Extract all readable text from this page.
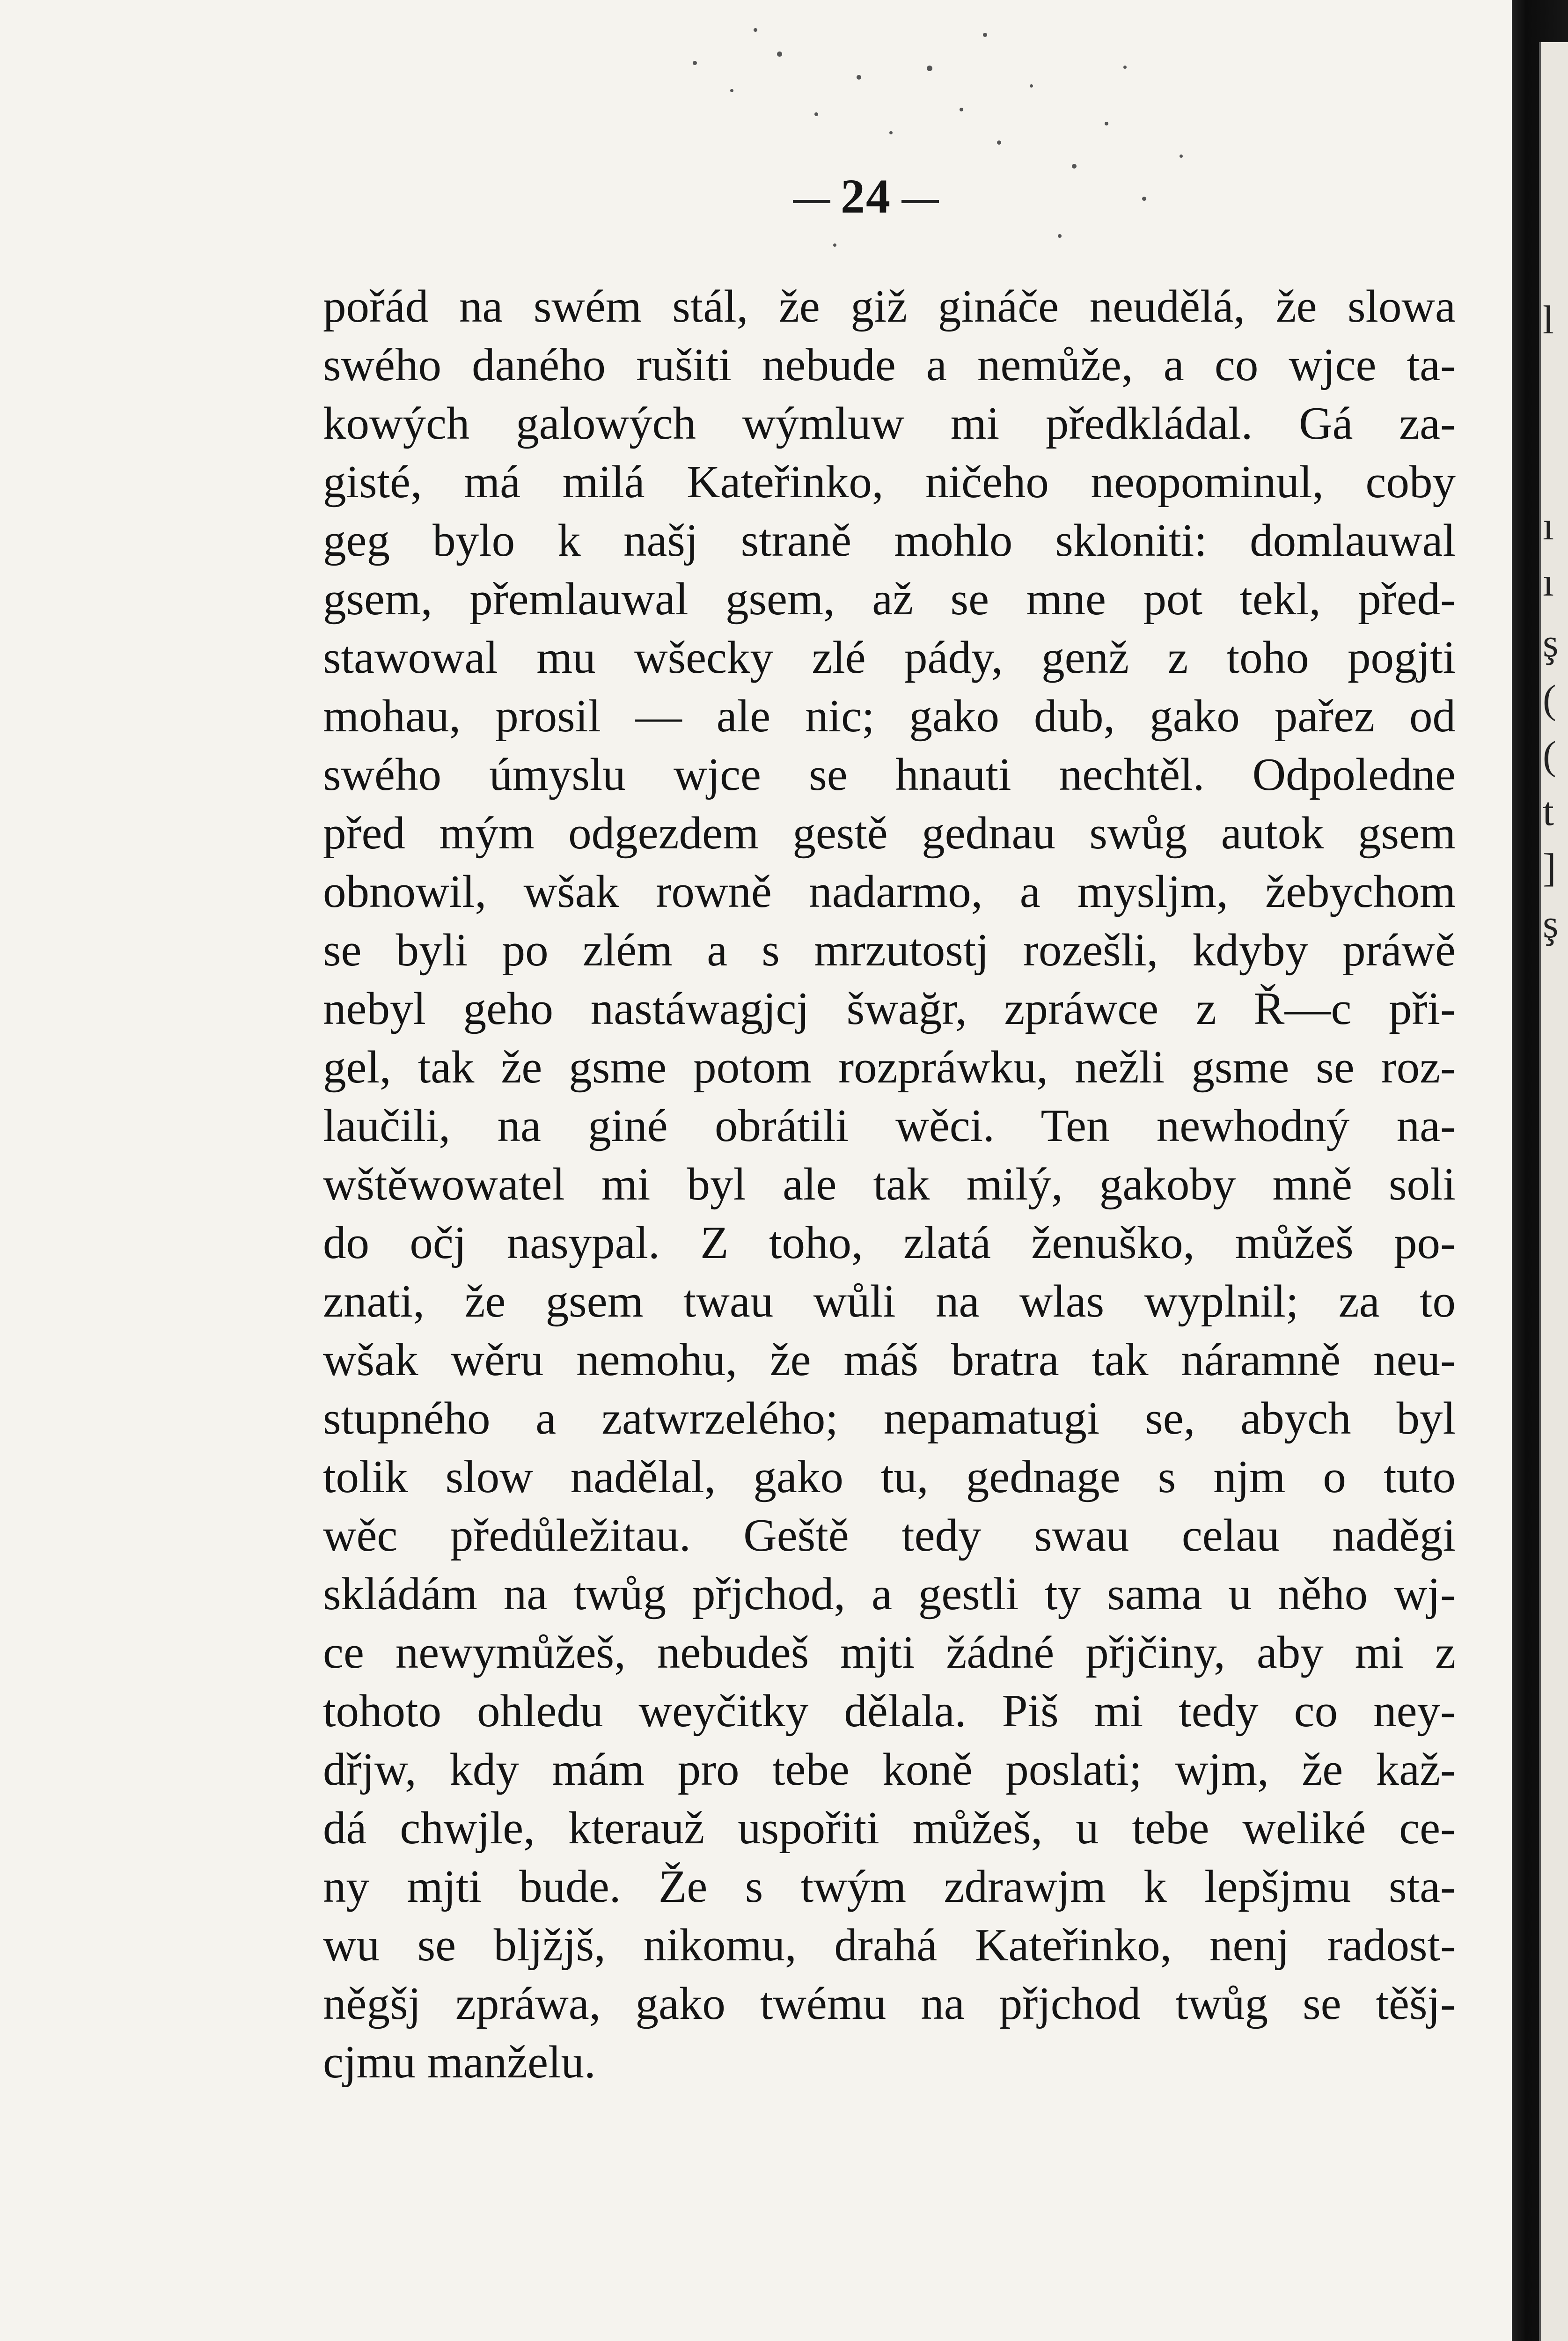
24
pořád na swém stál, že giž gináče neudělá, že slowa
swého daného rušiti nebude a nemůže, a co wjce ta-
kowých galowých wýmluw mi předkládal. Gá za-
gisté, má milá Kateřinko, ničeho neopominul, coby
geg bylo k našj straně mohlo skloniti: domlauwal
gsem, přemlauwal gsem, až se mne pot tekl, před-
stawowal mu wšecky zlé pády, genž z toho pogjti
mohau, prosil — ale nic; gako dub, gako pařez od
swého úmyslu wjce se hnauti nechtěl. Odpoledne
před mým odgezdem gestě gednau swůg autok gsem
obnowil, wšak rowně nadarmo, a mysljm, žebychom
se byli po zlém a s mrzutostj rozešli, kdyby práwě
nebyl geho nastáwagjcj šwağr, zpráwce z Ř—c při-
gel, tak že gsme potom rozpráwku, nežli gsme se roz-
laučili, na giné obrátili wěci. Ten newhodný na-
wštěwowatel mi byl ale tak milý, gakoby mně soli
do očj nasypal. Z toho, zlatá ženuško, můžeš po-
znati, že gsem twau wůli na wlas wyplnil; za to
wšak wěru nemohu, že máš bratra tak náramně neu-
stupného a zatwrzelého; nepamatugi se, abych byl
tolik slow nadělal, gako tu, gednage s njm o tuto
wěc předůležitau. Geště tedy swau celau naděgi
skládám na twůg přjchod, a gestli ty sama u něho wj-
ce newymůžeš, nebudeš mjti žádné přjčiny, aby mi z
tohoto ohledu weyčitky dělala. Piš mi tedy co ney-
dřjw, kdy mám pro tebe koně poslati; wjm, že kaž-
dá chwjle, kterauž uspořiti můžeš, u tebe weliké ce-
ny mjti bude. Že s twým zdrawjm k lepšjmu sta-
wu se bljžjš, nikomu, drahá Kateřinko, nenj radost-
něgšj zpráwa, gako twému na přjchod twůg se těšj-
cjmu manželu.
l
ı
ı
ş
(
(
t
]
ş
